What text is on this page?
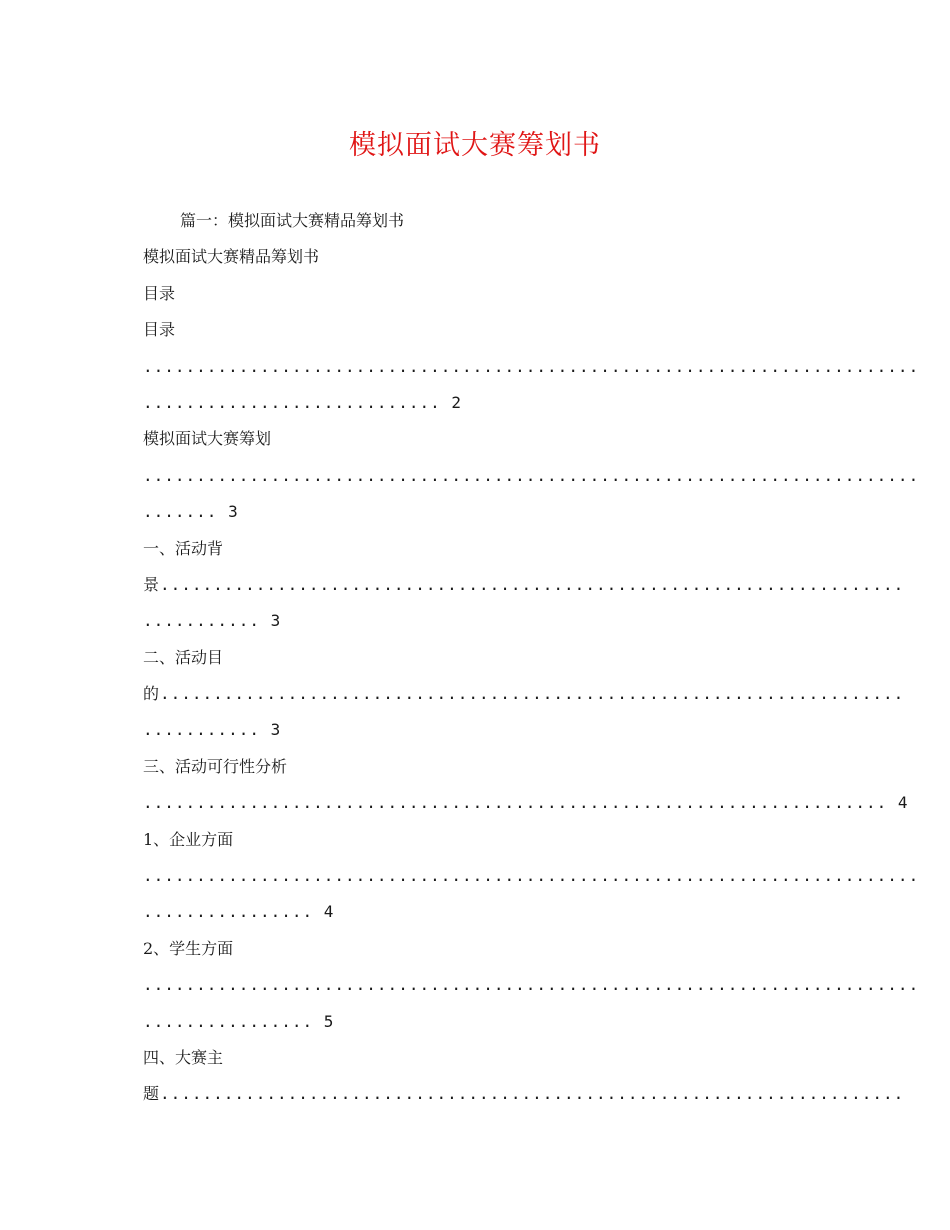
模拟面试大赛筹划书
篇一：模拟面试大赛精品筹划书
模拟面试大赛精品筹划书
目录
目录
.........................................................................
............................ 2
模拟面试大赛筹划
.........................................................................
....... 3
一、活动背
景......................................................................
........... 3
二、活动目
的......................................................................
........... 3
三、活动可行性分析
...................................................................... 4
1、企业方面
.........................................................................
................ 4
2、学生方面
.........................................................................
................ 5
四、大赛主
题......................................................................
